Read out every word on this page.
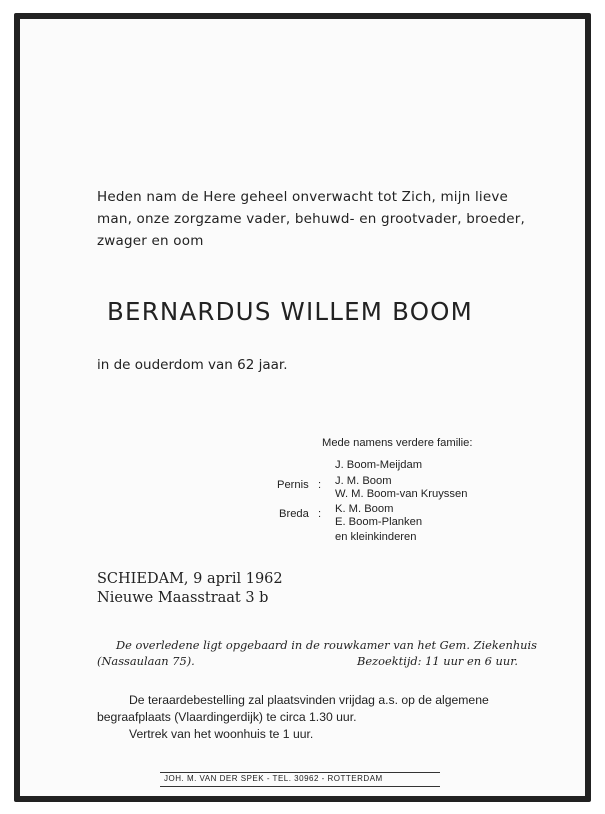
Heden nam de Here geheel onverwacht tot Zich, mijn lieve
man, onze zorgzame vader, behuwd- en grootvader, broeder,
zwager en oom
BERNARDUS WILLEM BOOM
in de ouderdom van 62 jaar.
Mede namens verdere familie:
J. Boom-Meijdam
Pernis : J. M. Boom
W. M. Boom-van Kruyssen
Breda : K. M. Boom
E. Boom-Planken
en kleinkinderen
SCHIEDAM, 9 april 1962
Nieuwe Maasstraat 3 b
De overledene ligt opgebaard in de rouwkamer van het Gem. Ziekenhuis
(Nassaulaan 75).	Bezoektijd: 11 uur en 6 uur.
De teraardebestelling zal plaatsvinden vrijdag a.s. op de algemene
begraafplaats (Vlaardingerdijk) te circa 1.30 uur.
Vertrek van het woonhuis te 1 uur.
JOH. M. VAN DER SPEK - TEL. 30962 - ROTTERDAM
